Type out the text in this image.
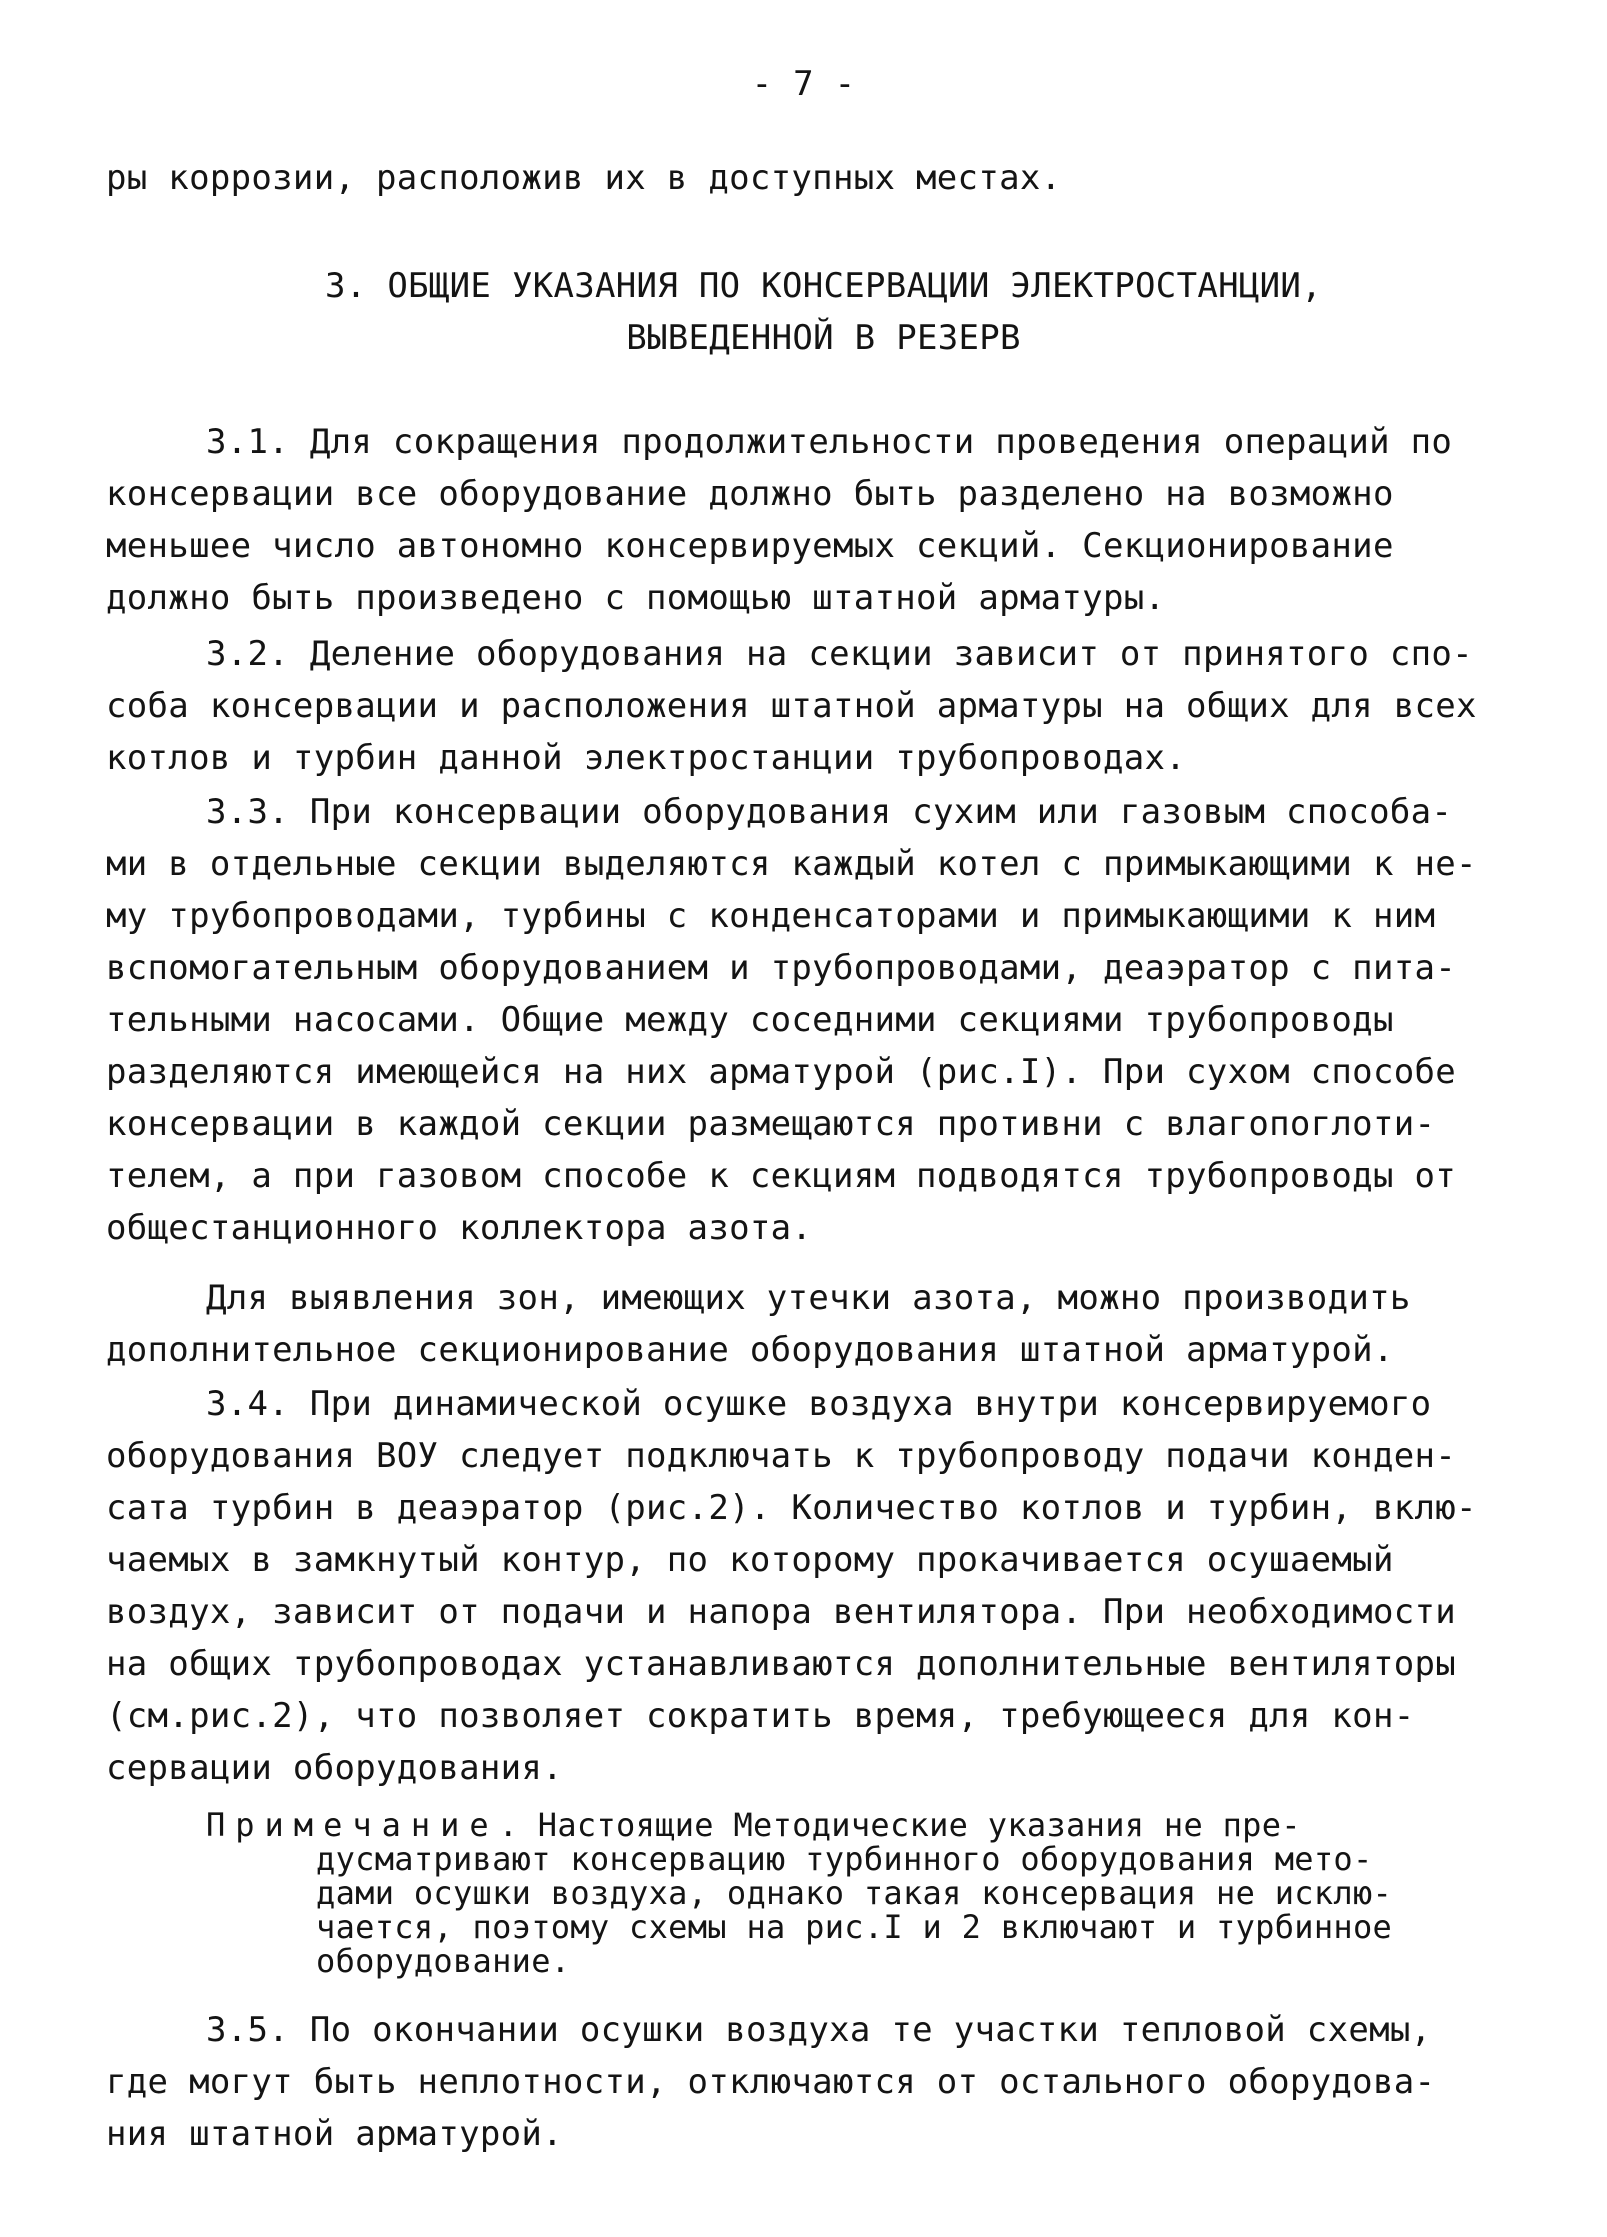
- 7 -
ры коррозии, расположив их в доступных местах.
3. ОБЩИЕ УКАЗАНИЯ ПО КОНСЕРВАЦИИ ЭЛЕКТРОСТАНЦИИ,
ВЫВЕДЕННОЙ В РЕЗЕРВ
3.1. Для сокращения продолжительности проведения операций по
консервации все оборудование должно быть разделено на возможно
меньшее число автономно консервируемых секций. Секционирование
должно быть произведено с помощью штатной арматуры.
3.2. Деление оборудования на секции зависит от принятого спо-
соба консервации и расположения штатной арматуры на общих для всех
котлов и турбин данной электростанции трубопроводах.
3.3. При консервации оборудования сухим или газовым способа-
ми в отдельные секции выделяются каждый котел с примыкающими к не-
му трубопроводами, турбины с конденсаторами и примыкающими к ним
вспомогательным оборудованием и трубопроводами, деаэратор с пита-
тельными насосами. Общие между соседними секциями трубопроводы
разделяются имеющейся на них арматурой (рис.I). При сухом способе
консервации в каждой секции размещаются противни с влагопоглоти-
телем, а при газовом способе к секциям подводятся трубопроводы от
общестанционного коллектора азота.
Для выявления зон, имеющих утечки азота, можно производить
дополнительное секционирование оборудования штатной арматурой.
3.4. При динамической осушке воздуха внутри консервируемого
оборудования ВОУ следует подключать к трубопроводу подачи конден-
сата турбин в деаэратор (рис.2). Количество котлов и турбин, вклю-
чаемых в замкнутый контур, по которому прокачивается осушаемый
воздух, зависит от подачи и напора вентилятора. При необходимости
на общих трубопроводах устанавливаются дополнительные вентиляторы
(см.рис.2), что позволяет сократить время, требующееся для кон-
сервации оборудования.
Примечание. Настоящие Методические указания не пре-
дусматривают консервацию турбинного оборудования мето-
дами осушки воздуха, однако такая консервация не исклю-
чается, поэтому схемы на рис.I и 2 включают и турбинное
оборудование.
3.5. По окончании осушки воздуха те участки тепловой схемы,
где могут быть неплотности, отключаются от остального оборудова-
ния штатной арматурой.
